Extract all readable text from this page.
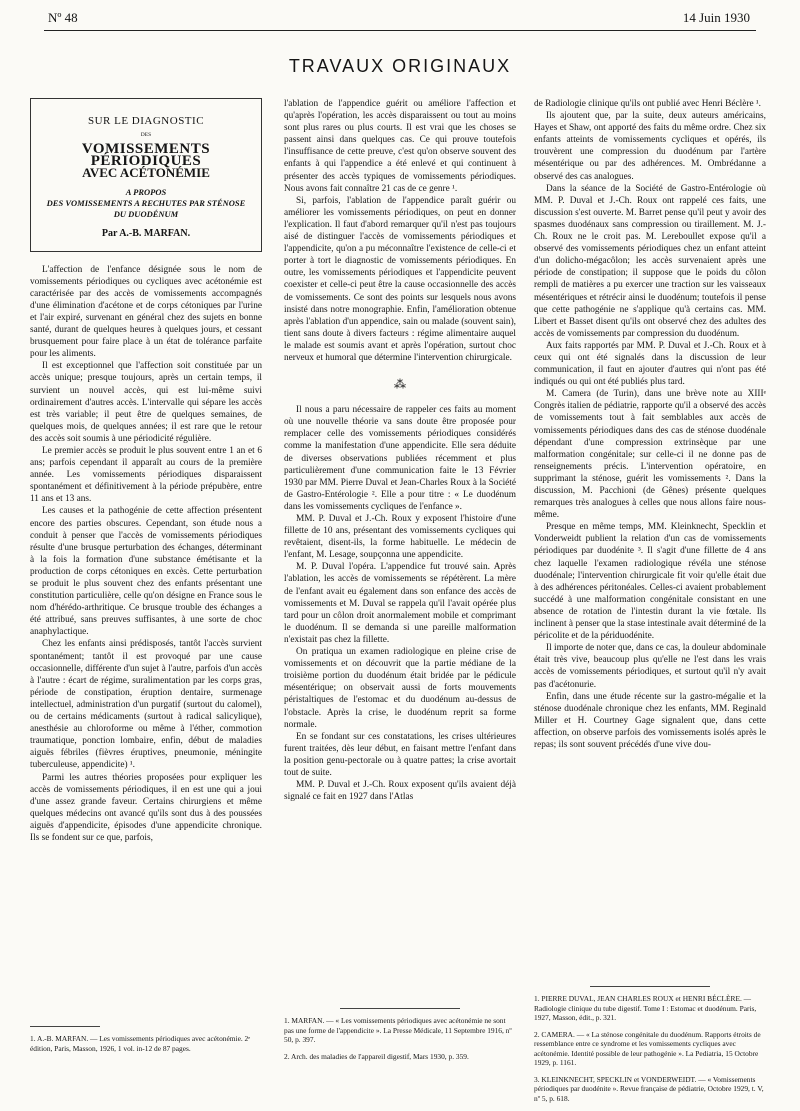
Nº 48	14 Juin 1930
TRAVAUX ORIGINAUX
SUR LE DIAGNOSTIC
DES
VOMISSEMENTS PÉRIODIQUES
AVEC ACÉTONÉMIE
A PROPOS
DES VOMISSEMENTS A RECHUTES PAR STÉNOSE
DU DUODÉNUM
Par A.-B. MARFAN.

L'affection de l'enfance désignée sous le nom de vomissements périodiques ou cycliques avec acétonémie est caractérisée par des accès de vomissements accompagnés d'une élimination d'acétone et de corps cétoniques par l'urine et l'air expiré, survenant en général chez des sujets en bonne santé, durant de quelques heures à quelques jours, et cessant brusquement pour faire place à un état de tolérance parfaite pour les aliments.

Il est exceptionnel que l'affection soit constituée par un accès unique; presque toujours, après un certain temps, il survient un nouvel accès, qui est lui-même suivi ordinairement d'autres accès. L'intervalle qui sépare les accès est très variable; il peut être de quelques semaines, de quelques mois, de quelques années; il est rare que le retour des accès soit soumis à une périodicité régulière.

Le premier accès se produit le plus souvent entre 1 an et 6 ans; parfois cependant il apparaît au cours de la première année. Les vomissements périodiques disparaissent spontanément et définitivement à la période prépubère, entre 11 ans et 13 ans.

Les causes et la pathogénie de cette affection présentent encore des parties obscures. Cependant, son étude nous a conduit à penser que l'accès de vomissements périodiques résulte d'une brusque perturbation des échanges, déterminant à la fois la formation d'une substance émétisante et la production de corps cétoniques en excès. Cette perturbation se produit le plus souvent chez des enfants présentant une constitution particulière, celle qu'on désigne en France sous le nom d'hérédo-arthritique. Ce brusque trouble des échanges a été attribué, sans preuves suffisantes, à une sorte de choc anaphylactique.

Chez les enfants ainsi prédisposés, tantôt l'accès survient spontanément; tantôt il est provoqué par une cause occasionnelle, différente d'un sujet à l'autre, parfois d'un accès à l'autre : écart de régime, suralimentation par les corps gras, période de constipation, éruption dentaire, surmenage intellectuel, administration d'un purgatif (surtout du calomel), ou de certains médicaments (surtout à radical salicylique), anesthésie au chloroforme ou même à l'éther, commotion traumatique, ponction lombaire, enfin, début de maladies aiguës fébriles (fièvres éruptives, pneumonie, méningite tuberculeuse, appendicite) ¹.

Parmi les autres théories proposées pour expliquer les accès de vomissements périodiques, il en est une qui a joui d'une assez grande faveur. Certains chirurgiens et même quelques médecins ont avancé qu'ils sont dus à des poussées aiguës d'appendicite, épisodes d'une appendicite chronique. Ils se fondent sur ce que, parfois,

1. A.-B. MARFAN. — Les vomissements périodiques avec acétonémie. 2ᵉ édition, Paris, Masson, 1926, 1 vol. in-12 de 87 pages.

l'ablation de l'appendice guérit ou améliore l'affection et qu'après l'opération, les accès disparaissent ou tout au moins sont plus rares ou plus courts. Il est vrai que les choses se passent ainsi dans quelques cas. Ce qui prouve toutefois l'insuffisance de cette preuve, c'est qu'on observe souvent des enfants à qui l'appendice a été enlevé et qui continuent à présenter des accès typiques de vomissements périodiques. Nous avons fait connaître 21 cas de ce genre ¹.

Si, parfois, l'ablation de l'appendice paraît guérir ou améliorer les vomissements périodiques, on peut en donner l'explication. Il faut d'abord remarquer qu'il n'est pas toujours aisé de distinguer l'accès de vomissements périodiques et l'appendicite, qu'on a pu méconnaître l'existence de celle-ci et porter à tort le diagnostic de vomissements périodiques. En outre, les vomissements périodiques et l'appendicite peuvent coexister et celle-ci peut être la cause occasionnelle des accès de vomissements. Ce sont des points sur lesquels nous avons insisté dans notre monographie. Enfin, l'amélioration obtenue après l'ablation d'un appendice, sain ou malade (souvent sain), tient sans doute à divers facteurs : régime alimentaire auquel le malade est soumis avant et après l'opération, surtout choc nerveux et humoral que détermine l'intervention chirurgicale.

⁂

Il nous a paru nécessaire de rappeler ces faits au moment où une nouvelle théorie va sans doute être proposée pour remplacer celle des vomissements périodiques considérés comme la manifestation d'une appendicite. Elle sera déduite de diverses observations publiées récemment et plus particulièrement d'une communication faite le 13 Février 1930 par MM. Pierre Duval et Jean-Charles Roux à la Société de Gastro-Entérologie ². Elle a pour titre : « Le duodénum dans les vomissements cycliques de l'enfance ».

MM. P. Duval et J.-Ch. Roux y exposent l'histoire d'une fillette de 10 ans, présentant des vomissements cycliques qui revêtaient, disent-ils, la forme habituelle. Le médecin de l'enfant, M. Lesage, soupçonna une appendicite.

M. P. Duval l'opéra. L'appendice fut trouvé sain. Après l'ablation, les accès de vomissements se répétèrent. La mère de l'enfant avait eu également dans son enfance des accès de vomissements et M. Duval se rappela qu'il l'avait opérée plus tard pour un côlon droit anormalement mobile et comprimant le duodénum. Il se demanda si une pareille malformation n'existait pas chez la fillette.

On pratiqua un examen radiologique en pleine crise de vomissements et on découvrit que la partie médiane de la troisième portion du duodénum était bridée par le pédicule mésentérique; on observait aussi de forts mouvements péristaltiques de l'estomac et du duodénum au-dessus de l'obstacle. Après la crise, le duodénum reprit sa forme normale.

En se fondant sur ces constatations, les crises ultérieures furent traitées, dès leur début, en faisant mettre l'enfant dans la position genu-pectorale ou à quatre pattes; la crise avortait tout de suite.

MM. P. Duval et J.-Ch. Roux exposent qu'ils avaient déjà signalé ce fait en 1927 dans l'Atlas

1. MARFAN. — « Les vomissements périodiques avec acétonémie ne sont pas une forme de l'appendicite ». La Presse Médicale, 11 Septembre 1916, nº 50, p. 397.

2. Arch. des maladies de l'appareil digestif, Mars 1930, p. 359.

de Radiologie clinique qu'ils ont publié avec Henri Béclère ¹.

Ils ajoutent que, par la suite, deux auteurs américains, Hayes et Shaw, ont apporté des faits du même ordre. Chez six enfants atteints de vomissements cycliques et opérés, ils trouvèrent une compression du duodénum par l'artère mésentérique ou par des adhérences. M. Ombrédanne a observé des cas analogues.

Dans la séance de la Société de Gastro-Entérologie où MM. P. Duval et J.-Ch. Roux ont rappelé ces faits, une discussion s'est ouverte. M. Barret pense qu'il peut y avoir des spasmes duodénaux sans compression ou tiraillement. M. J.-Ch. Roux ne le croit pas. M. Lereboullet expose qu'il a observé des vomissements périodiques chez un enfant atteint d'un dolicho-mégacôlon; les accès survenaient après une période de constipation; il suppose que le poids du côlon rempli de matières a pu exercer une traction sur les vaisseaux mésentériques et rétrécir ainsi le duodénum; toutefois il pense que cette pathogénie ne s'applique qu'à certains cas. MM. Libert et Basset disent qu'ils ont observé chez des adultes des accès de vomissements par compression du duodénum.

Aux faits rapportés par MM. P. Duval et J.-Ch. Roux et à ceux qui ont été signalés dans la discussion de leur communication, il faut en ajouter d'autres qui n'ont pas été indiqués ou qui ont été publiés plus tard.

M. Camera (de Turin), dans une brève note au XIIIᵉ Congrès italien de pédiatrie, rapporte qu'il a observé des accès de vomissements tout à fait semblables aux accès de vomissements périodiques dans des cas de sténose duodénale dépendant d'une compression extrinsèque par une malformation congénitale; sur celle-ci il ne donne pas de renseignements précis. L'intervention opératoire, en supprimant la sténose, guérit les vomissements ². Dans la discussion, M. Pacchioni (de Gênes) présente quelques remarques très analogues à celles que nous allons faire nous-même.

Presque en même temps, MM. Kleinknecht, Specklin et Vonderweidt publient la relation d'un cas de vomissements périodiques par duodénite ³. Il s'agit d'une fillette de 4 ans chez laquelle l'examen radiologique révéla une sténose duodénale; l'intervention chirurgicale fit voir qu'elle était due à des adhérences péritonéales. Celles-ci avaient probablement succédé à une malformation congénitale consistant en une absence de rotation de l'intestin durant la vie fœtale. Ils inclinent à penser que la stase intestinale avait déterminé de la péricolite et de la périduodénite.

Il importe de noter que, dans ce cas, la douleur abdominale était très vive, beaucoup plus qu'elle ne l'est dans les vrais accès de vomissements périodiques, et surtout qu'il n'y avait pas d'acétonurie.

Enfin, dans une étude récente sur la gastro-mégalie et la sténose duodénale chronique chez les enfants, MM. Reginald Miller et H. Courtney Gage signalent que, dans cette affection, on observe parfois des vomissements isolés après le repas; ils sont souvent précédés d'une vive dou-

1. PIERRE DUVAL, JEAN CHARLES ROUX et HENRI BÉCLÈRE. — Radiologie clinique du tube digestif. Tome I : Estomac et duodénum. Paris, 1927, Masson, édit., p. 321.

2. CAMERA. — « La sténose congénitale du duodénum. Rapports étroits de ressemblance entre ce syndrome et les vomissements cycliques avec acétonémie. Identité possible de leur pathogénie ». La Pediatria, 15 Octobre 1929, p. 1161.

3. KLEINKNECHT, SPECKLIN et VONDERWEIDT. — « Vomissements périodiques par duodénite ». Revue française de pédiatrie, Octobre 1929, t. V, nº 5, p. 618.
